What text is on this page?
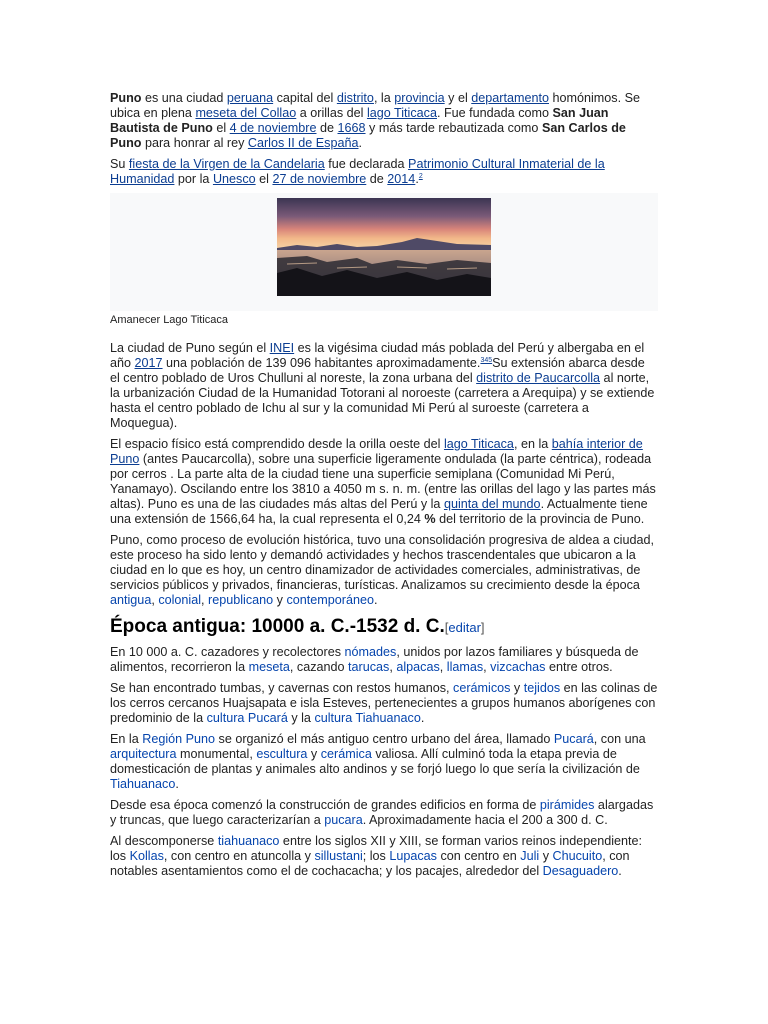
Puno es una ciudad peruana capital del distrito, la provincia y el departamento homónimos. Se ubica en plena meseta del Collao a orillas del lago Titicaca. Fue fundada como San Juan Bautista de Puno el 4 de noviembre de 1668 y más tarde rebautizada como San Carlos de Puno para honrar al rey Carlos II de España.

Su fiesta de la Virgen de la Candelaria fue declarada Patrimonio Cultural Inmaterial de la Humanidad por la Unesco el 27 de noviembre de 2014.$^2$

Amanecer Lago Titicaca

La ciudad de Puno según el INEI es la vigésima ciudad más poblada del Perú y albergaba en el año 2017 una población de 139 096 habitantes aproximadamente.$^{345}$Su extensión abarca desde el centro poblado de Uros Chulluni al noreste, la zona urbana del distrito de Paucarcolla al norte, la urbanización Ciudad de la Humanidad Totorani al noroeste (carretera a Arequipa) y se extiende hasta el centro poblado de Ichu al sur y la comunidad Mi Perú al suroeste (carretera a Moquegua).

El espacio físico está comprendido desde la orilla oeste del lago Titicaca, en la bahía interior de Puno (antes Paucarcolla), sobre una superficie ligeramente ondulada (la parte céntrica), rodeada por cerros . La parte alta de la ciudad tiene una superficie semiplana (Comunidad Mi Perú, Yanamayo). Oscilando entre los 3810 a 4050 m s. n. m. (entre las orillas del lago y las partes más altas). Puno es una de las ciudades más altas del Perú y la quinta del mundo. Actualmente tiene una extensión de 1566,64 ha, la cual representa el 0,24 % del territorio de la provincia de Puno.

Puno, como proceso de evolución histórica, tuvo una consolidación progresiva de aldea a ciudad, este proceso ha sido lento y demandó actividades y hechos trascendentales que ubicaron a la ciudad en lo que es hoy, un centro dinamizador de actividades comerciales, administrativas, de servicios públicos y privados, financieras, turísticas. Analizamos su crecimiento desde la época antigua, colonial, republicano y contemporáneo.

Época antigua: 10000 a. C.-1532 d. C.[editar]

En 10 000 a. C. cazadores y recolectores nómades, unidos por lazos familiares y búsqueda de alimentos, recorrieron la meseta, cazando tarucas, alpacas, llamas, vizcachas entre otros.

Se han encontrado tumbas, y cavernas con restos humanos, cerámicos y tejidos en las colinas de los cerros cercanos Huajsapata e isla Esteves, pertenecientes a grupos humanos aborígenes con predominio de la cultura Pucará y la cultura Tiahuanaco.

En la Región Puno se organizó el más antiguo centro urbano del área, llamado Pucará, con una arquitectura monumental, escultura y cerámica valiosa. Allí culminó toda la etapa previa de domesticación de plantas y animales alto andinos y se forjó luego lo que sería la civilización de Tiahuanaco.

Desde esa época comenzó la construcción de grandes edificios en forma de pirámides alargadas y truncas, que luego caracterizarían a pucara. Aproximadamente hacia el 200 a 300 d. C.

Al descomponerse tiahuanaco entre los siglos XII y XIII, se forman varios reinos independiente: los Kollas, con centro en atuncolla y sillustani; los Lupacas con centro en Juli y Chucuito, con notables asentamientos como el de cochacacha; y los pacajes, alrededor del Desaguadero.
